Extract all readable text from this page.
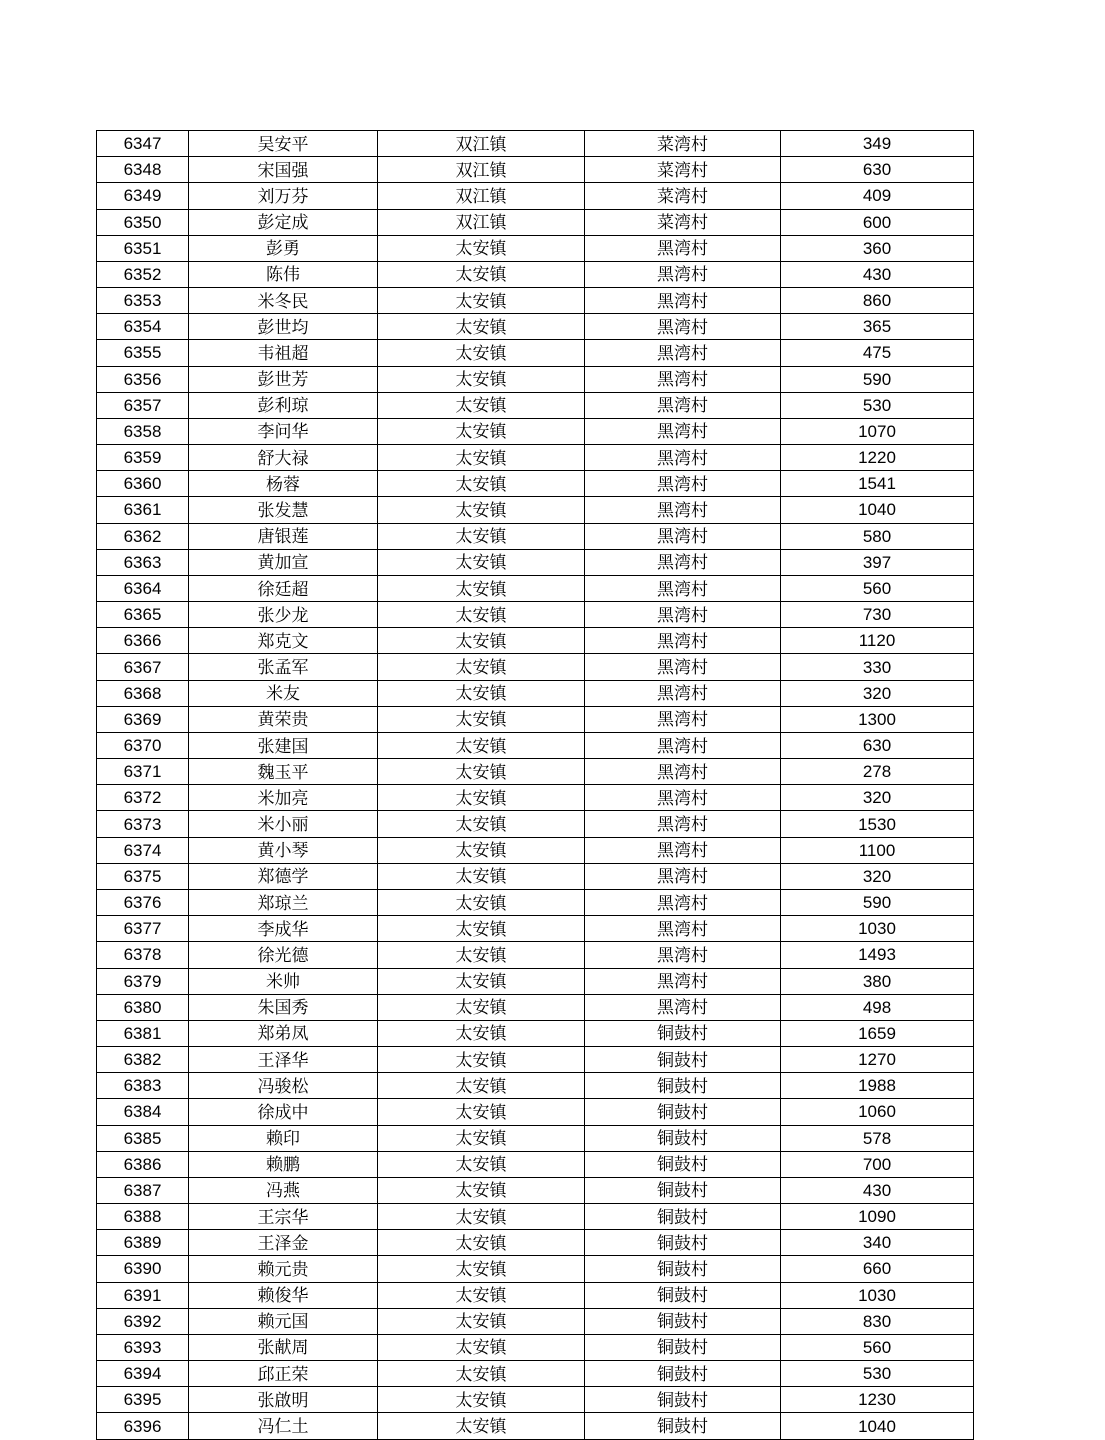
6347	吴安平	双江镇	菜湾村	349
6348	宋国强	双江镇	菜湾村	630
6349	刘万芬	双江镇	菜湾村	409
6350	彭定成	双江镇	菜湾村	600
6351	彭勇	太安镇	黑湾村	360
6352	陈伟	太安镇	黑湾村	430
6353	米冬民	太安镇	黑湾村	860
6354	彭世均	太安镇	黑湾村	365
6355	韦祖超	太安镇	黑湾村	475
6356	彭世芳	太安镇	黑湾村	590
6357	彭利琼	太安镇	黑湾村	530
6358	李问华	太安镇	黑湾村	1070
6359	舒大禄	太安镇	黑湾村	1220
6360	杨蓉	太安镇	黑湾村	1541
6361	张发慧	太安镇	黑湾村	1040
6362	唐银莲	太安镇	黑湾村	580
6363	黄加宣	太安镇	黑湾村	397
6364	徐廷超	太安镇	黑湾村	560
6365	张少龙	太安镇	黑湾村	730
6366	郑克文	太安镇	黑湾村	1120
6367	张孟军	太安镇	黑湾村	330
6368	米友	太安镇	黑湾村	320
6369	黄荣贵	太安镇	黑湾村	1300
6370	张建国	太安镇	黑湾村	630
6371	魏玉平	太安镇	黑湾村	278
6372	米加亮	太安镇	黑湾村	320
6373	米小丽	太安镇	黑湾村	1530
6374	黄小琴	太安镇	黑湾村	1100
6375	郑德学	太安镇	黑湾村	320
6376	郑琼兰	太安镇	黑湾村	590
6377	李成华	太安镇	黑湾村	1030
6378	徐光德	太安镇	黑湾村	1493
6379	米帅	太安镇	黑湾村	380
6380	朱国秀	太安镇	黑湾村	498
6381	郑弟凤	太安镇	铜鼓村	1659
6382	王泽华	太安镇	铜鼓村	1270
6383	冯骏松	太安镇	铜鼓村	1988
6384	徐成中	太安镇	铜鼓村	1060
6385	赖印	太安镇	铜鼓村	578
6386	赖鹏	太安镇	铜鼓村	700
6387	冯燕	太安镇	铜鼓村	430
6388	王宗华	太安镇	铜鼓村	1090
6389	王泽金	太安镇	铜鼓村	340
6390	赖元贵	太安镇	铜鼓村	660
6391	赖俊华	太安镇	铜鼓村	1030
6392	赖元国	太安镇	铜鼓村	830
6393	张献周	太安镇	铜鼓村	560
6394	邱正荣	太安镇	铜鼓村	530
6395	张啟明	太安镇	铜鼓村	1230
6396	冯仁土	太安镇	铜鼓村	1040
